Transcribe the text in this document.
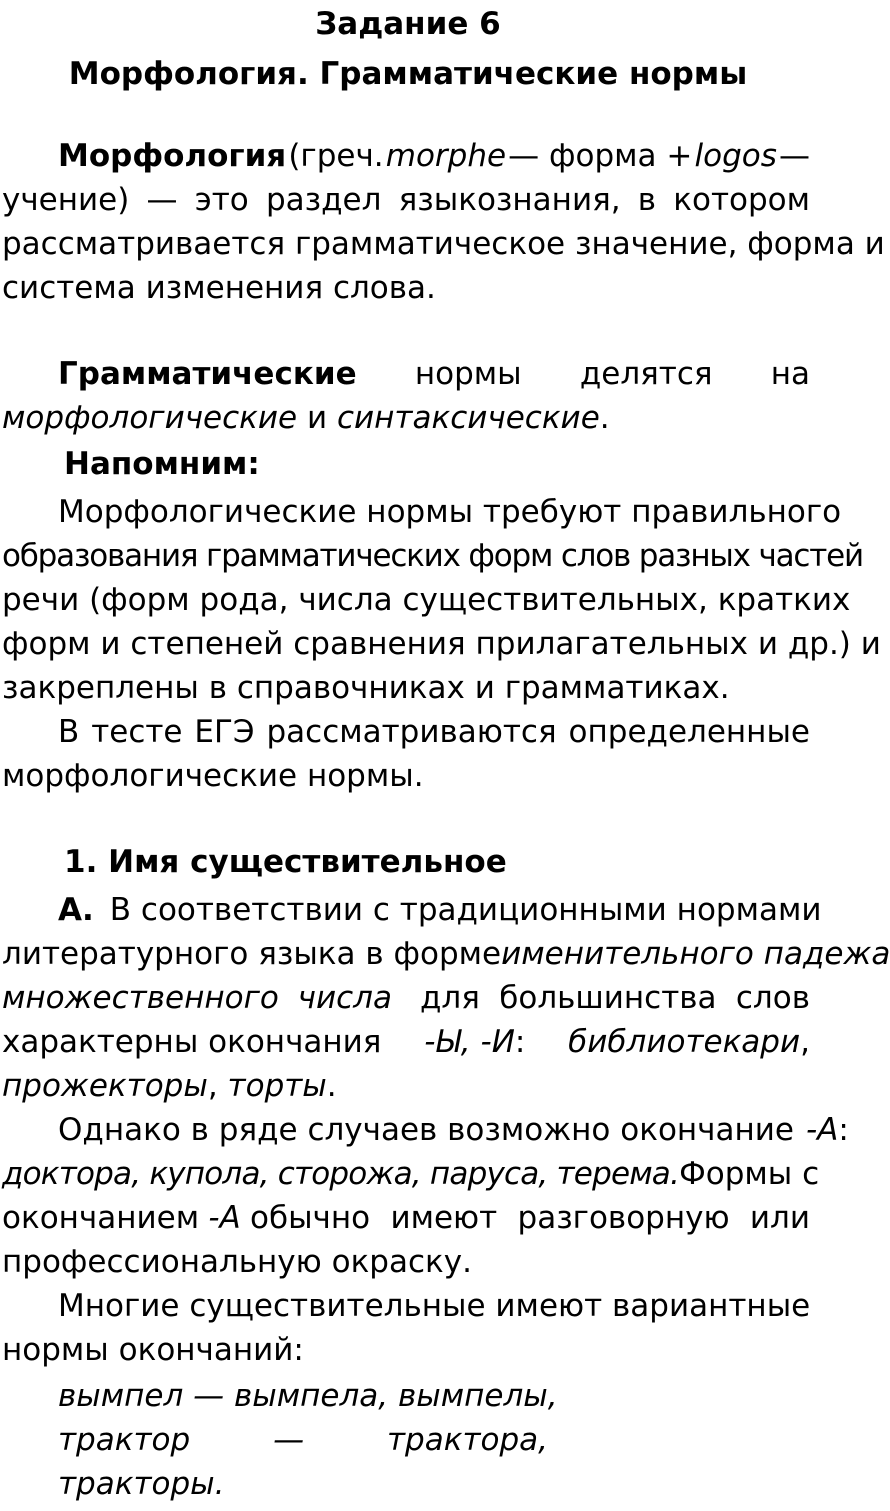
Задание 6
Морфология. Грамматические нормы
Морфология (греч. morphe — форма + logos —
учение) — это раздел языкознания, в котором
рассматривается грамматическое значение, форма и
система изменения слова.
Грамматические нормы делятся на
морфологические и синтаксические.
Напомним:
Морфологические нормы требуют правильного
образования грамматических форм слов разных частей
речи (форм рода, числа существительных, кратких
форм и степеней сравнения прилагательных и др.) и
закреплены в справочниках и грамматиках.
В тесте ЕГЭ рассматриваются определенные
морфологические нормы.
1. Имя существительное
А. В соответствии с традиционными нормами
литературного языка в форме именительного падежа
множественного числа для большинства слов
характерны окончания -Ы, -И: библиотекари,
прожекторы, торты.
Однако в ряде случаев возможно окончание -А:
доктора, купола, сторожа, паруса, терема. Формы с
окончанием -А обычно имеют разговорную или
профессиональную окраску.
Многие существительные имеют вариантные
нормы окончаний:
вымпел — вымпела, вымпелы,
трактор	—	трактора,
тракторы.
